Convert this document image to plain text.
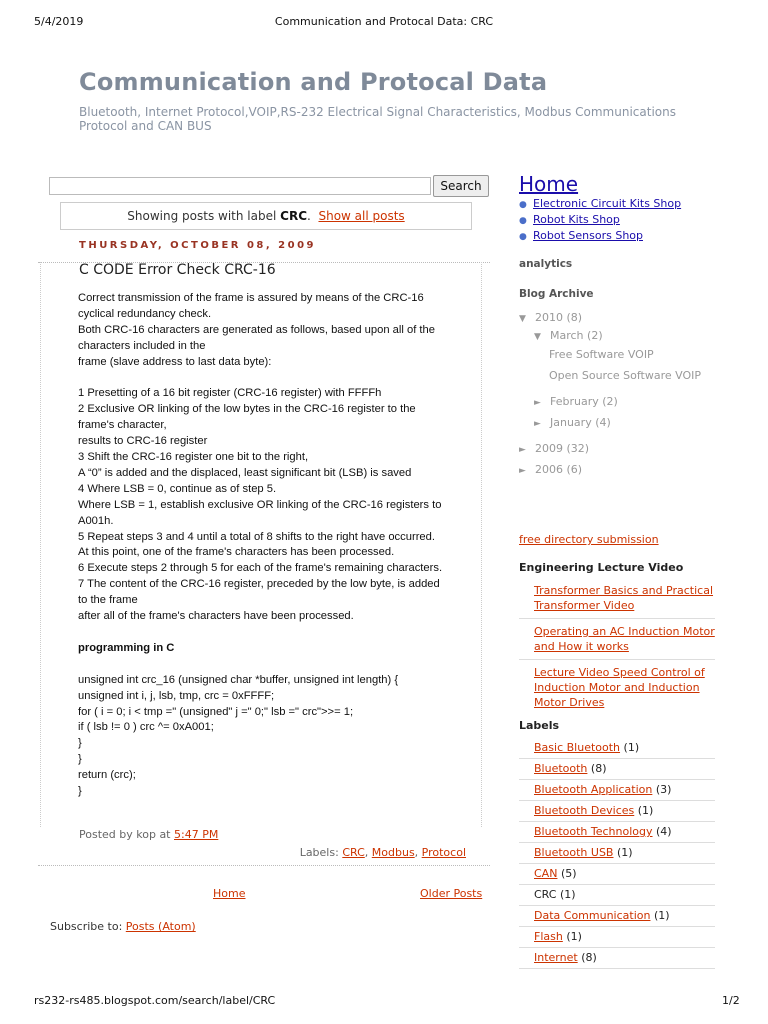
5/4/2019	Communication and Protocal Data: CRC
Communication and Protocal Data
Bluetooth, Internet Protocol,VOIP,RS-232 Electrical Signal Characteristics, Modbus Communications Protocol and CAN BUS
Search
Showing posts with label CRC. Show all posts
THURSDAY, OCTOBER 08, 2009
C CODE Error Check CRC-16
Correct transmission of the frame is assured by means of the CRC-16
cyclical redundancy check.
Both CRC-16 characters are generated as follows, based upon all of the
characters included in the
frame (slave address to last data byte):
1 Presetting of a 16 bit register (CRC-16 register) with FFFFh
2 Exclusive OR linking of the low bytes in the CRC-16 register to the
frame's character,
results to CRC-16 register
3 Shift the CRC-16 register one bit to the right,
A “0” is added and the displaced, least significant bit (LSB) is saved
4 Where LSB = 0, continue as of step 5.
Where LSB = 1, establish exclusive OR linking of the CRC-16 registers to
A001h.
5 Repeat steps 3 and 4 until a total of 8 shifts to the right have occurred.
At this point, one of the frame's characters has been processed.
6 Execute steps 2 through 5 for each of the frame's remaining characters.
7 The content of the CRC-16 register, preceded by the low byte, is added
to the frame
after all of the frame's characters have been processed.
programming in C
unsigned int crc_16 (unsigned char *buffer, unsigned int length) {
unsigned int i, j, lsb, tmp, crc = 0xFFFF;
for ( i = 0; i < tmp =" (unsigned" j =" 0;" lsb =" crc">>= 1;
if ( lsb != 0 ) crc ^= 0xA001;
}
}
return (crc);
}
Posted by kop at 5:47 PM
Labels: CRC, Modbus, Protocol
Home	Older Posts
Subscribe to: Posts (Atom)
Home
● Electronic Circuit Kits Shop
● Robot Kits Shop
● Robot Sensors Shop
analytics
Blog Archive
▼ 2010 (8)
▼ March (2)
Free Software VOIP
Open Source Software VOIP
► February (2)
► January (4)
► 2009 (32)
► 2006 (6)
free directory submission
Engineering Lecture Video
Transformer Basics and Practical Transformer Video
Operating an AC Induction Motor and How it works
Lecture Video Speed Control of Induction Motor and Induction Motor Drives
Labels
Basic Bluetooth (1)
Bluetooth (8)
Bluetooth Application (3)
Bluetooth Devices (1)
Bluetooth Technology (4)
Bluetooth USB (1)
CAN (5)
CRC (1)
Data Communication (1)
Flash (1)
Internet (8)
rs232-rs485.blogspot.com/search/label/CRC	1/2
